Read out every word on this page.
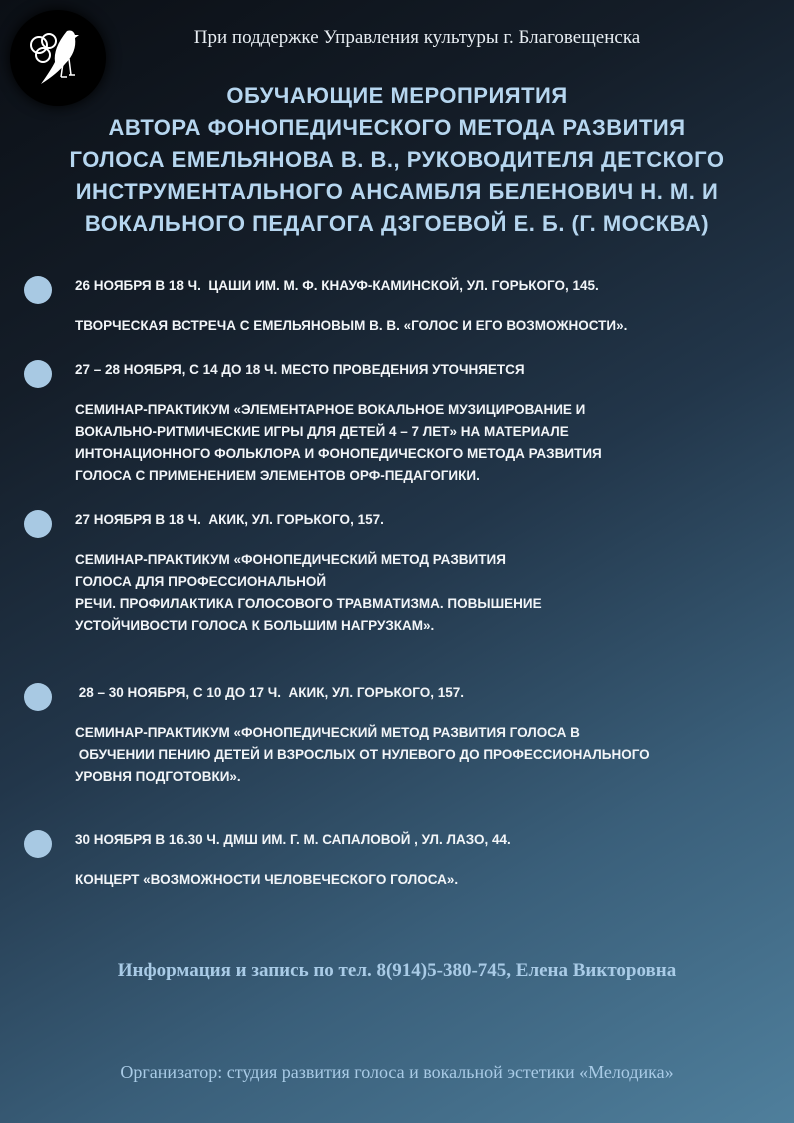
При поддержке Управления культуры г. Благовещенска
ОБУЧАЮЩИЕ МЕРОПРИЯТИЯ
АВТОРА ФОНОПЕДИЧЕСКОГО МЕТОДА РАЗВИТИЯ
ГОЛОСА ЕМЕЛЬЯНОВА В. В., РУКОВОДИТЕЛЯ ДЕТСКОГО
ИНСТРУМЕНТАЛЬНОГО АНСАМБЛЯ БЕЛЕНОВИЧ Н. М. И
ВОКАЛЬНОГО ПЕДАГОГА ДЗГОЕВОЙ Е. Б. (Г. МОСКВА)
26 НОЯБРЯ В 18 Ч.  ЦАШИ ИМ. М. Ф. КНАУФ-КАМИНСКОЙ, УЛ. ГОРЬКОГО, 145.
ТВОРЧЕСКАЯ ВСТРЕЧА С ЕМЕЛЬЯНОВЫМ В. В. «ГОЛОС И ЕГО ВОЗМОЖНОСТИ».
27 – 28 НОЯБРЯ, С 14 ДО 18 Ч. МЕСТО ПРОВЕДЕНИЯ УТОЧНЯЕТСЯ
СЕМИНАР-ПРАКТИКУМ «ЭЛЕМЕНТАРНОЕ ВОКАЛЬНОЕ МУЗИЦИРОВАНИЕ И
ВОКАЛЬНО-РИТМИЧЕСКИЕ ИГРЫ ДЛЯ ДЕТЕЙ 4 – 7 ЛЕТ» НА МАТЕРИАЛЕ
ИНТОНАЦИОННОГО ФОЛЬКЛОРА И ФОНОПЕДИЧЕСКОГО МЕТОДА РАЗВИТИЯ
ГОЛОСА С ПРИМЕНЕНИЕМ ЭЛЕМЕНТОВ ОРФ-ПЕДАГОГИКИ.
27 НОЯБРЯ В 18 Ч.  АКИК, УЛ. ГОРЬКОГО, 157.
СЕМИНАР-ПРАКТИКУМ «ФОНОПЕДИЧЕСКИЙ МЕТОД РАЗВИТИЯ
ГОЛОСА ДЛЯ ПРОФЕССИОНАЛЬНОЙ
РЕЧИ. ПРОФИЛАКТИКА ГОЛОСОВОГО ТРАВМАТИЗМА. ПОВЫШЕНИЕ
УСТОЙЧИВОСТИ ГОЛОСА К БОЛЬШИМ НАГРУЗКАМ».
28 – 30 НОЯБРЯ, С 10 ДО 17 Ч.  АКИК, УЛ. ГОРЬКОГО, 157.
СЕМИНАР-ПРАКТИКУМ «ФОНОПЕДИЧЕСКИЙ МЕТОД РАЗВИТИЯ ГОЛОСА В
ОБУЧЕНИИ ПЕНИЮ ДЕТЕЙ И ВЗРОСЛЫХ ОТ НУЛЕВОГО ДО ПРОФЕССИОНАЛЬНОГО
УРОВНЯ ПОДГОТОВКИ».
30 НОЯБРЯ В 16.30 Ч. ДМШ ИМ. Г. М. САПАЛОВОЙ , УЛ. ЛАЗО, 44.
КОНЦЕРТ «ВОЗМОЖНОСТИ ЧЕЛОВЕЧЕСКОГО ГОЛОСА».
Информация и запись по тел. 8(914)5-380-745, Елена Викторовна
Организатор: студия развития голоса и вокальной эстетики «Мелодика»
